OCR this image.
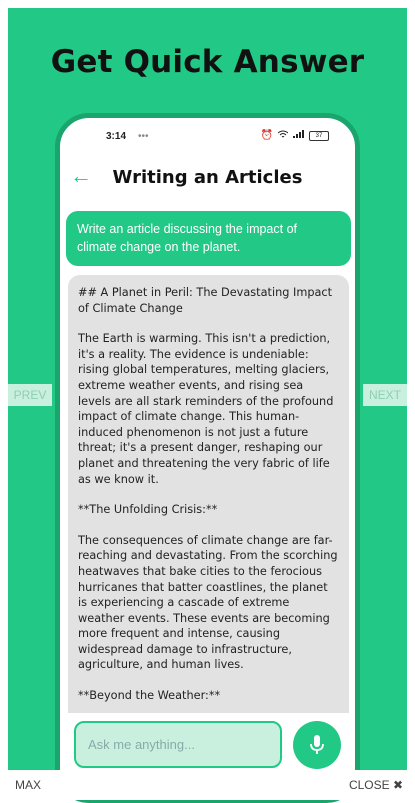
Get Quick Answer
3:14 •••	⏰	37
←	Writing an Articles
Write an article discussing the impact of climate change on the planet.

## A Planet in Peril: The Devastating Impact of Climate Change

The Earth is warming. This isn't a prediction, it's a reality. The evidence is undeniable: rising global temperatures, melting glaciers, extreme weather events, and rising sea levels are all stark reminders of the profound impact of climate change. This human-induced phenomenon is not just a future threat; it's a present danger, reshaping our planet and threatening the very fabric of life as we know it.

**The Unfolding Crisis:**

The consequences of climate change are far-reaching and devastating. From the scorching heatwaves that bake cities to the ferocious hurricanes that batter coastlines, the planet is experiencing a cascade of extreme weather events. These events are becoming more frequent and intense, causing widespread damage to infrastructure, agriculture, and human lives.

**Beyond the Weather:**

Ask me anything...
PREV	NEXT
MAX	CLOSE ✖
